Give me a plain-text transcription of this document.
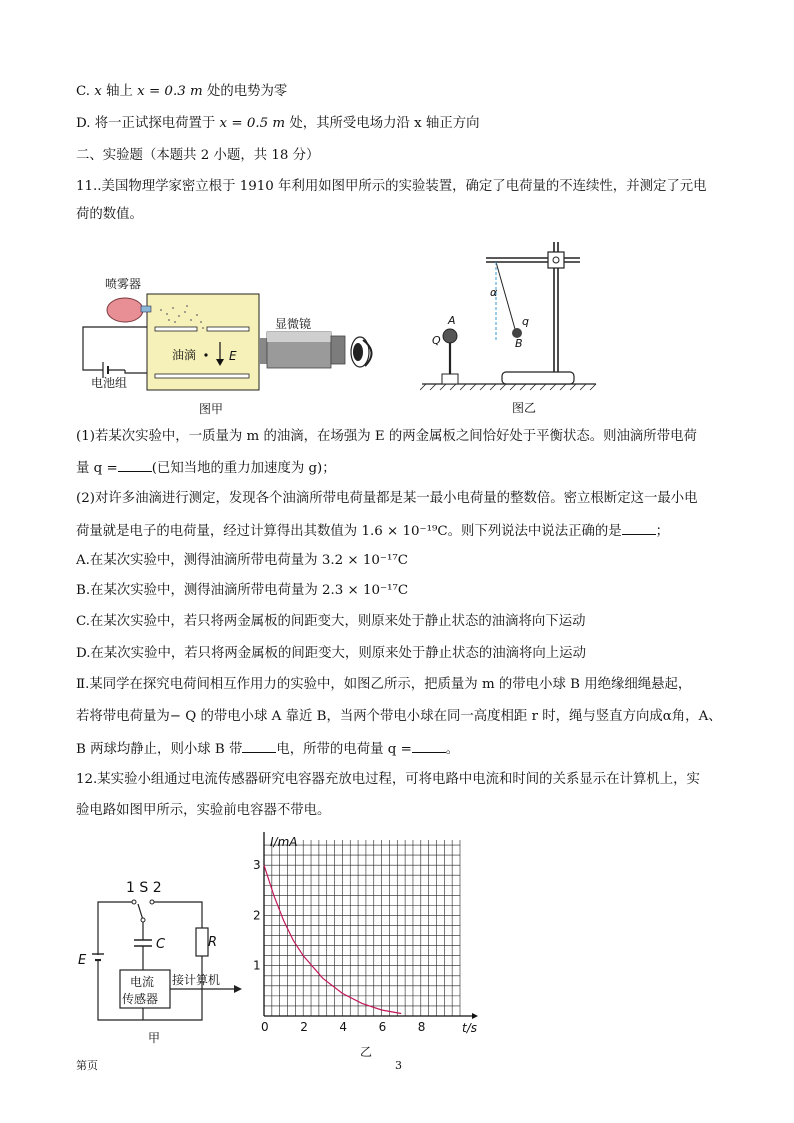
C. x 轴上 x = 0.3 m 处的电势为零
D. 将一正试探电荷置于 x = 0.5 m 处，其所受电场力沿 x 轴正方向
二、实验题（本题共 2 小题，共 18 分）
11..美国物理学家密立根于 1910 年利用如图甲所示的实验装置，确定了电荷量的不连续性，并测定了元电
荷的数值。
喷雾器
油滴	E
电池组
显微镜
图甲
α
q
B
A
Q
图乙
(1)若某次实验中，一质量为 m 的油滴，在场强为 E 的两金属板之间恰好处于平衡状态。则油滴所带电荷
量 q =	(已知当地的重力加速度为 g)；
(2)对许多油滴进行测定，发现各个油滴所带电荷量都是某一最小电荷量的整数倍。密立根断定这一最小电
荷量就是电子的电荷量，经过计算得出其数值为 1.6 × 10⁻¹⁹C。则下列说法中说法正确的是	；
A.在某次实验中，测得油滴所带电荷量为 3.2 × 10⁻¹⁷C
B.在某次实验中，测得油滴所带电荷量为 2.3 × 10⁻¹⁷C
C.在某次实验中，若只将两金属板的间距变大，则原来处于静止状态的油滴将向下运动
D.在某次实验中，若只将两金属板的间距变大，则原来处于静止状态的油滴将向上运动
Ⅱ.某同学在探究电荷间相互作用力的实验中，如图乙所示，把质量为 m 的带电小球 B 用绝缘细绳悬起，
若将带电荷量为− Q 的带电小球 A 靠近 B，当两个带电小球在同一高度相距 r 时，绳与竖直方向成α角，A、
B 两球均静止，则小球 B 带	电，所带的电荷量 q =	。
12.某实验小组通过电流传感器研究电容器充放电过程，可将电路中电流和时间的关系显示在计算机上，实
验电路如图甲所示，实验前电容器不带电。
1 S 2
R
C
E
电流
传感器
接计算机
甲
0	2	4	6	8
1
2
3
I/mA
t/s
乙
第页	3
